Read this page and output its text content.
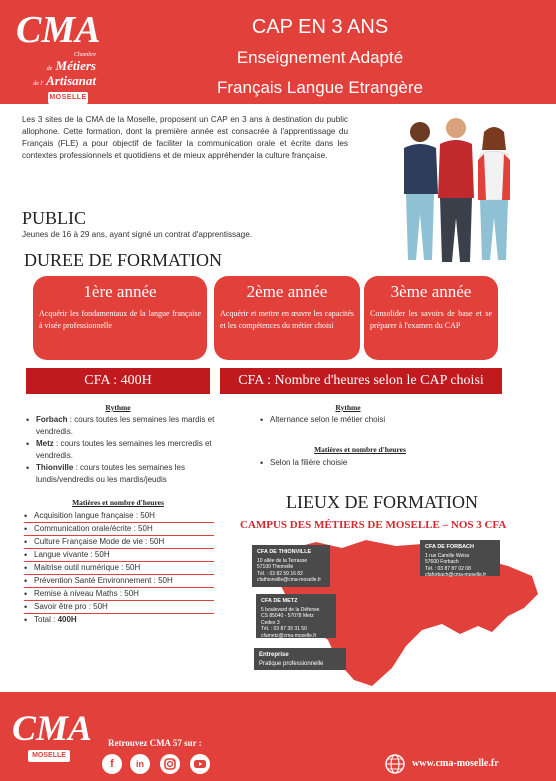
CMA
Chambre
de Métiers
de l' Artisanat
MOSELLE
CAP EN 3 ANS
Enseignement Adapté
Français Langue Etrangère

Les 3 sites de la CMA de la Moselle, proposent un CAP en 3 ans à destination du public allophone. Cette formation, dont la première année est consacrée à l'apprentissage du Français (FLE) a pour objectif de faciliter la communication orale et écrite dans les contextes professionnels et quotidiens et de mieux appréhender la culture française.

PUBLIC
Jeunes de 16 à 29 ans, ayant signé un contrat d'apprentissage.
DUREE DE FORMATION
1ère année
Acquérir les fondamentaux de la langue française à visée professionnelle
2ème année
Acquérir et mettre en œuvre les capacités et les compétences du métier choisi
3ème année
Consolider les savoirs de base et se préparer à l'examen du CAP
CFA : 400H	CFA : Nombre d'heures selon le CAP choisi
Rythme
• Forbach : cours toutes les semaines les mardis et vendredis.
• Metz : cours toutes les semaines les mercredis et vendredis.
• Thionville : cours toutes les semaines les lundis/vendredis ou les mardis/jeudis
Matières et nombre d'heures
• Acquisition langue française : 50H
• Communication orale/écrite : 50H
• Culture Française Mode de vie : 50H
• Langue vivante : 50H
• Maitrise outil numérique : 50H
• Prévention Santé Environnement : 50H
• Remise à niveau Maths : 50H
• Savoir être pro : 50H
• Total : 400H
Rythme
• Alternance selon le métier choisi
Matières et nombre d'heures
• Selon la filière choisie
LIEUX DE FORMATION
CAMPUS DES MÉTIERS DE MOSELLE – NOS 3 CFA
CFA DE THIONVILLE
10 allée de la Terrasse
57100 Thionville
Tél. : 03 82 59 16 82
cfathionville@cma-moselle.fr
CFA DE FORBACH
1 rue Camille Weiss
57600 Forbach
Tél. : 03 87 87 02 08
cfaforbach@cma-moselle.fr
CFA DE METZ
5 boulevard de la Défense
CS 85040 - 57078 Metz
Cedex 3
Tél. : 03 87 39 31 50
cfametz@cma-moselle.fr
Entreprise
Pratique professionnelle
CMA
MOSELLE
Retrouvez CMA 57 sur :
f	in	www.cma-moselle.fr
